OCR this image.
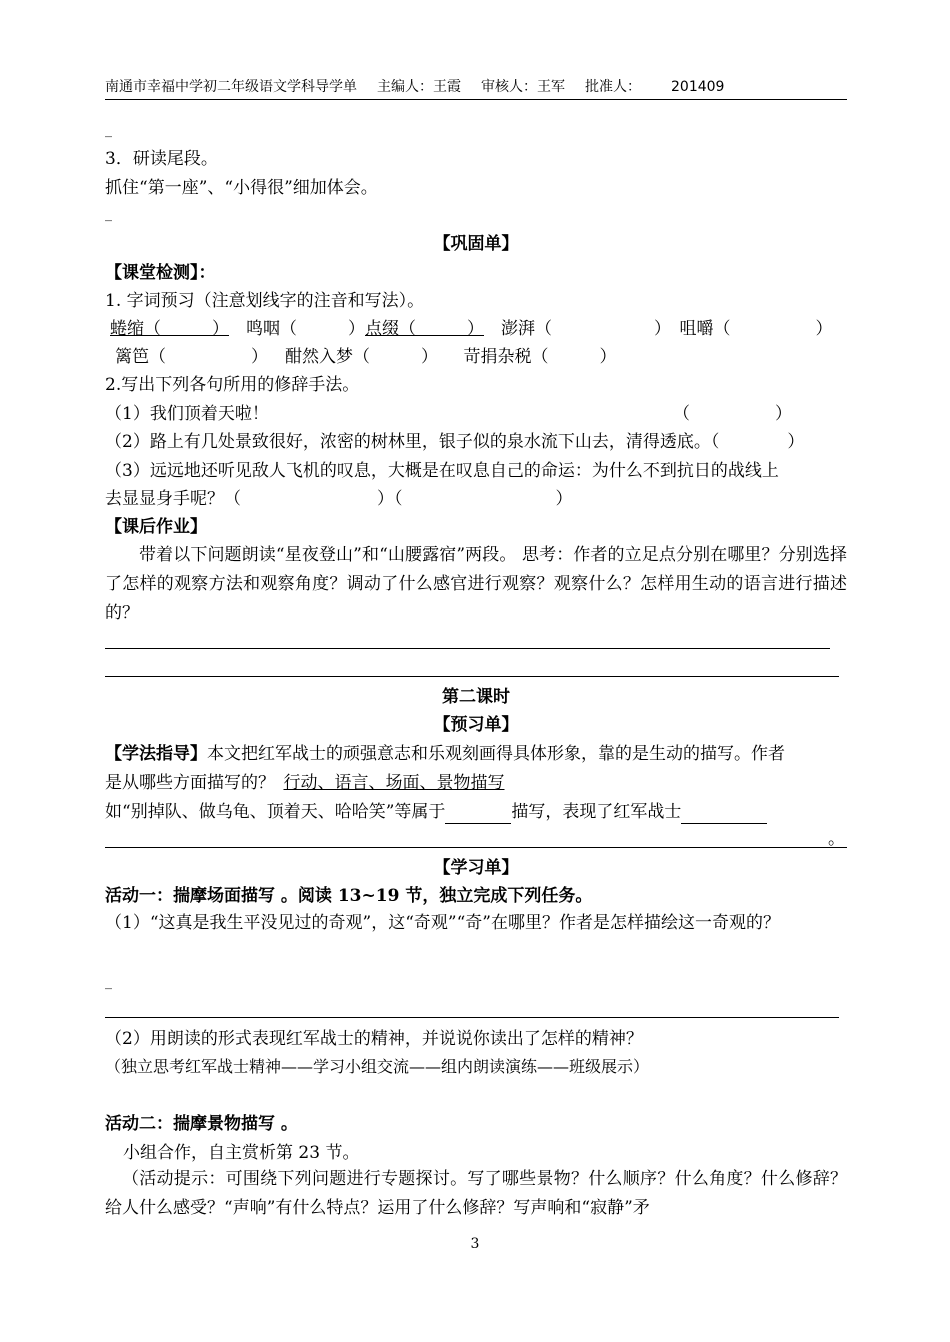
南通市幸福中学初二年级语文学科导学单 主编人：王霞 审核人：王军 批准人： 201409
_
3．研读尾段。
抓住“第一座”、“小得很”细加体会。
_
【巩固单】
【课堂检测】：
1. 字词预习（注意划线字的注音和写法）。
蜷缩（　　　）  鸣咽（　　　）点缀（　　　）  澎湃（　　　　　　）  咀嚼（　　　　　）
篱笆（　　　　　）  酣然入梦（　　　）   苛捐杂税（　　　）
2.写出下列各句所用的修辞手法。
（1）我们顶着天啦！	（　　　　　）
（2）路上有几处景致很好，浓密的树林里，银子似的泉水流下山去，清得透底。（　　　　）
（3）远远地还听见敌人飞机的叹息，大概是在叹息自己的命运：为什么不到抗日的战线上
去显显身手呢？（　　　　　　　　）（　　　　　　　　　）
【课后作业】
带着以下问题朗读“星夜登山”和“山腰露宿”两段。 思考：作者的立足点分别在哪里？分别选择了怎样的观察方法和观察角度？调动了什么感官进行观察？观察什么？怎样用生动的语言进行描述的？
第二课时
【预习单】
【学法指导】本文把红军战士的顽强意志和乐观刻画得具体形象，靠的是生动的描写。作者
是从哪些方面描写的？  行动、语言、场面、景物描写
如“别掉队、做乌龟、顶着天、哈哈笑”等属于	描写，表现了红军战士
。
【学习单】
活动一：揣摩场面描写 。阅读 13~19 节，独立完成下列任务。
（1）“这真是我生平没见过的奇观”，这“奇观”“奇”在哪里？作者是怎样描绘这一奇观的？
_
（2）用朗读的形式表现红军战士的精神，并说说你读出了怎样的精神？
（独立思考红军战士精神——学习小组交流——组内朗读演练——班级展示）
活动二：揣摩景物描写 。
小组合作，自主赏析第 23 节。
（活动提示：可围绕下列问题进行专题探讨。写了哪些景物？什么顺序？什么角度？什么修辞？给人什么感受？“声响”有什么特点？运用了什么修辞？写声响和“寂静”矛
3
